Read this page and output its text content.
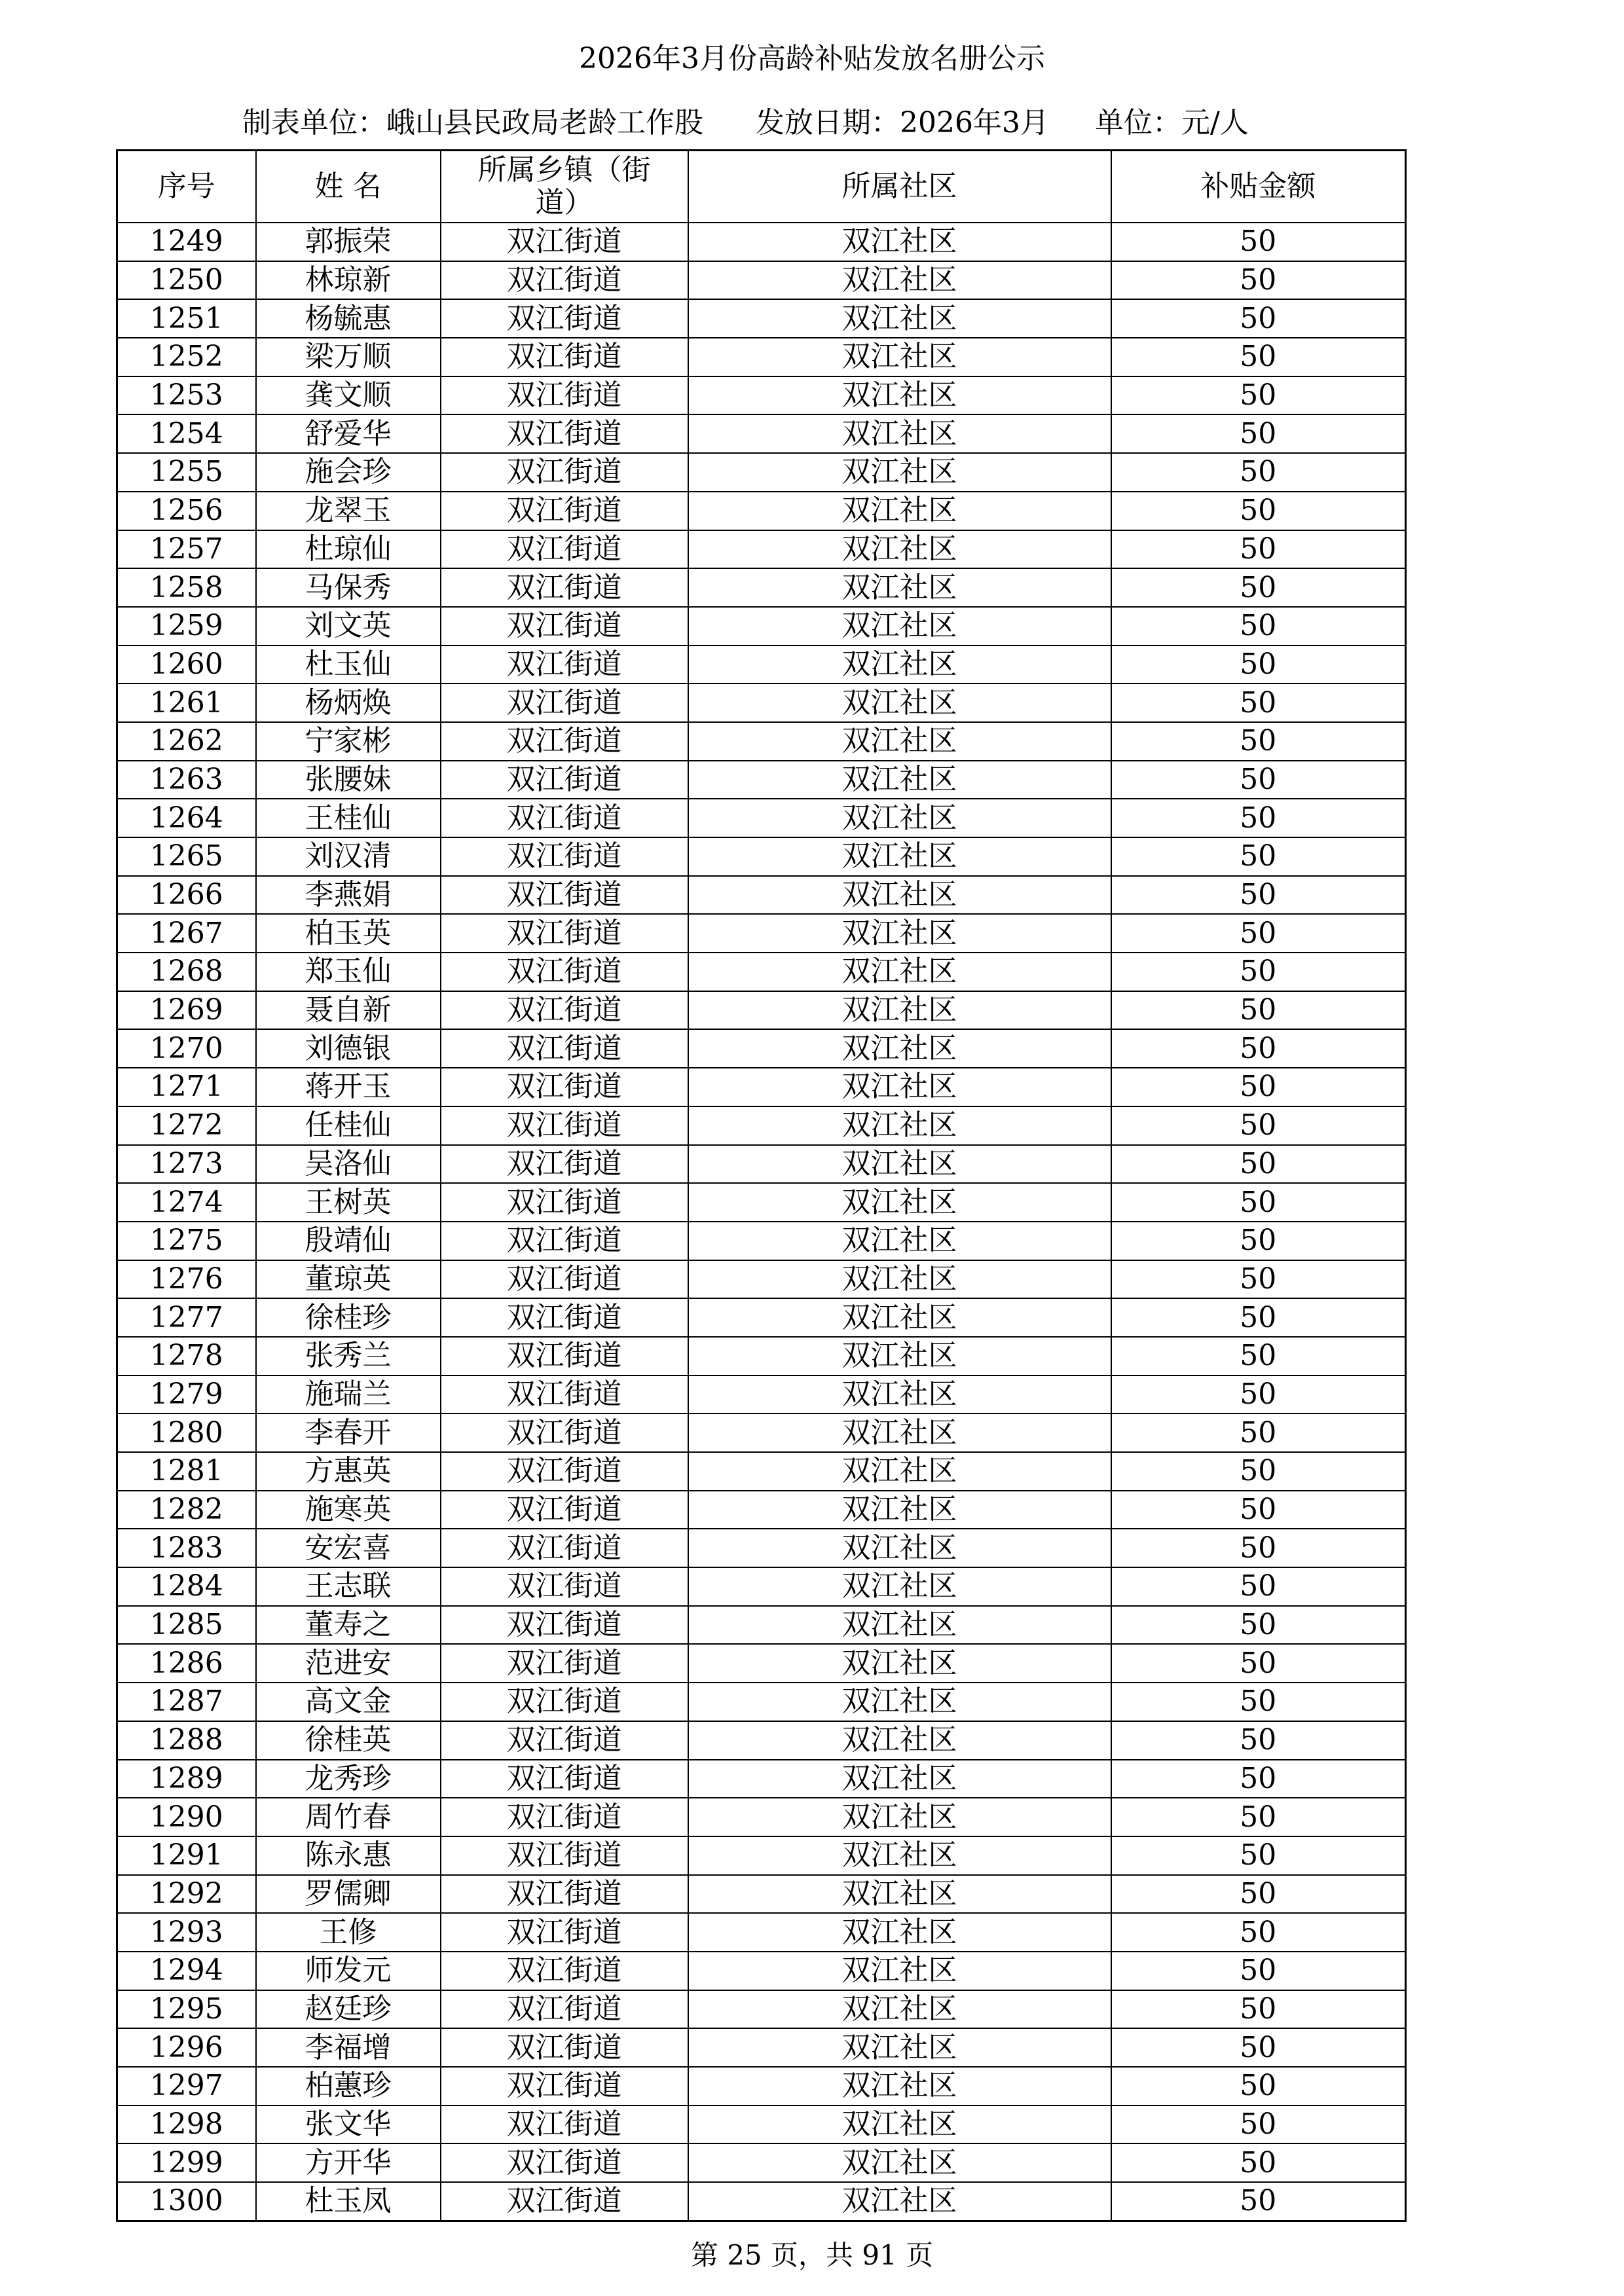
2026年3月份高龄补贴发放名册公示
制表单位：峨山县民政局老龄工作股 发放日期：2026年3月 单位：元/人
序号	姓 名	所属乡镇（街道）	所属社区	补贴金额
1249	郭振荣	双江街道	双江社区	50
1250	林琼新	双江街道	双江社区	50
1251	杨毓惠	双江街道	双江社区	50
1252	梁万顺	双江街道	双江社区	50
1253	龚文顺	双江街道	双江社区	50
1254	舒爱华	双江街道	双江社区	50
1255	施会珍	双江街道	双江社区	50
1256	龙翠玉	双江街道	双江社区	50
1257	杜琼仙	双江街道	双江社区	50
1258	马保秀	双江街道	双江社区	50
1259	刘文英	双江街道	双江社区	50
1260	杜玉仙	双江街道	双江社区	50
1261	杨炳焕	双江街道	双江社区	50
1262	宁家彬	双江街道	双江社区	50
1263	张腰妹	双江街道	双江社区	50
1264	王桂仙	双江街道	双江社区	50
1265	刘汉清	双江街道	双江社区	50
1266	李燕娟	双江街道	双江社区	50
1267	柏玉英	双江街道	双江社区	50
1268	郑玉仙	双江街道	双江社区	50
1269	聂自新	双江街道	双江社区	50
1270	刘德银	双江街道	双江社区	50
1271	蒋开玉	双江街道	双江社区	50
1272	任桂仙	双江街道	双江社区	50
1273	吴洛仙	双江街道	双江社区	50
1274	王树英	双江街道	双江社区	50
1275	殷靖仙	双江街道	双江社区	50
1276	董琼英	双江街道	双江社区	50
1277	徐桂珍	双江街道	双江社区	50
1278	张秀兰	双江街道	双江社区	50
1279	施瑞兰	双江街道	双江社区	50
1280	李春开	双江街道	双江社区	50
1281	方惠英	双江街道	双江社区	50
1282	施寒英	双江街道	双江社区	50
1283	安宏喜	双江街道	双江社区	50
1284	王志联	双江街道	双江社区	50
1285	董寿之	双江街道	双江社区	50
1286	范进安	双江街道	双江社区	50
1287	高文金	双江街道	双江社区	50
1288	徐桂英	双江街道	双江社区	50
1289	龙秀珍	双江街道	双江社区	50
1290	周竹春	双江街道	双江社区	50
1291	陈永惠	双江街道	双江社区	50
1292	罗儒卿	双江街道	双江社区	50
1293	王修	双江街道	双江社区	50
1294	师发元	双江街道	双江社区	50
1295	赵廷珍	双江街道	双江社区	50
1296	李福增	双江街道	双江社区	50
1297	柏蕙珍	双江街道	双江社区	50
1298	张文华	双江街道	双江社区	50
1299	方开华	双江街道	双江社区	50
1300	杜玉凤	双江街道	双江社区	50
第 25 页，共 91 页
